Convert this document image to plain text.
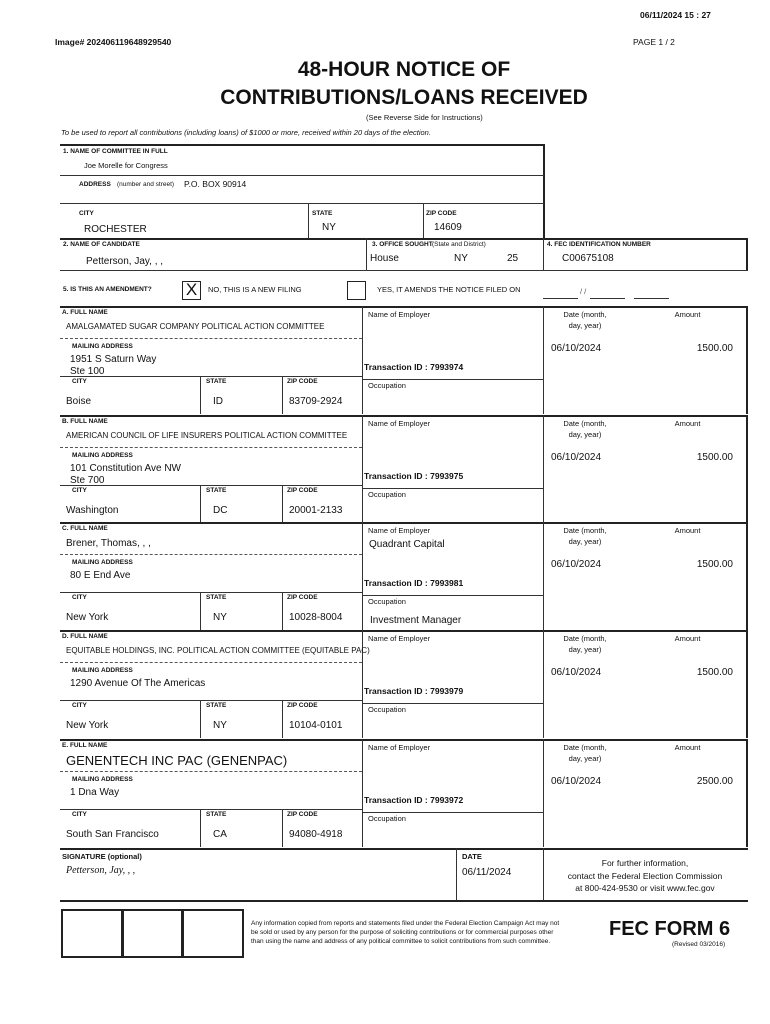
06/11/2024 15 : 27
Image# 202406119648929540	PAGE 1 / 2
48-HOUR NOTICE OF
CONTRIBUTIONS/LOANS RECEIVED
(See Reverse Side for Instructions)
To be used to report all contributions (including loans) of $1000 or more, received within 20 days of the election.
1. NAME OF COMMITTEE IN FULL
Joe Morelle for Congress
ADDRESS (number and street) P.O. BOX 90914
CITY	STATE	ZIP CODE
ROCHESTER	NY	14609
2. NAME OF CANDIDATE
Petterson, Jay, , ,
3. OFFICE SOUGHT (State and District)
House	NY	25
4. FEC IDENTIFICATION NUMBER
C00675108
5. IS THIS AN AMENDMENT? X	NO, THIS IS A NEW FILING	YES, IT AMENDS THE NOTICE FILED ON	/ /
A. FULL NAME
AMALGAMATED SUGAR COMPANY POLITICAL ACTION COMMITTEE
MAILING ADDRESS
1951 S Saturn Way
Ste 100
CITY	STATE	ZIP CODE
Boise	ID	83709-2924
Name of Employer
Transaction ID : 7993974
Occupation
Date (month,
day, year)
Amount
06/10/2024	1500.00
B. FULL NAME
AMERICAN COUNCIL OF LIFE INSURERS POLITICAL ACTION COMMITTEE
MAILING ADDRESS
101 Constitution Ave NW
Ste 700
CITY	STATE	ZIP CODE
Washington	DC	20001-2133
Name of Employer
Transaction ID : 7993975
Occupation
Date (month,
day, year)
Amount
06/10/2024	1500.00
C. FULL NAME
Brener, Thomas, , ,
MAILING ADDRESS
80 E End Ave
CITY	STATE	ZIP CODE
New York	NY	10028-8004
Name of Employer
Quadrant Capital
Transaction ID : 7993981
Occupation
Investment Manager
Date (month,
day, year)
Amount
06/10/2024	1500.00
D. FULL NAME
EQUITABLE HOLDINGS, INC. POLITICAL ACTION COMMITTEE (EQUITABLE PAC)
MAILING ADDRESS
1290 Avenue Of The Americas
CITY	STATE	ZIP CODE
New York	NY	10104-0101
Name of Employer
Transaction ID : 7993979
Occupation
Date (month,
day, year)
Amount
06/10/2024	1500.00
E. FULL NAME
GENENTECH INC PAC (GENENPAC)
MAILING ADDRESS
1 Dna Way
CITY	STATE	ZIP CODE
South San Francisco	CA	94080-4918
Name of Employer
Transaction ID : 7993972
Occupation
Date (month,
day, year)
Amount
06/10/2024	2500.00
SIGNATURE (optional)
Petterson, Jay, , ,
DATE
06/11/2024
For further information,
contact the Federal Election Commission
at 800-424-9530 or visit www.fec.gov
Any information copied from reports and statements filed under the Federal Election Campaign Act may not
be sold or used by any person for the purpose of soliciting contributions or for commercial purposes other
than using the name and address of any political committee to solicit contributions from such committee.
FEC FORM 6
(Revised 03/2016)
